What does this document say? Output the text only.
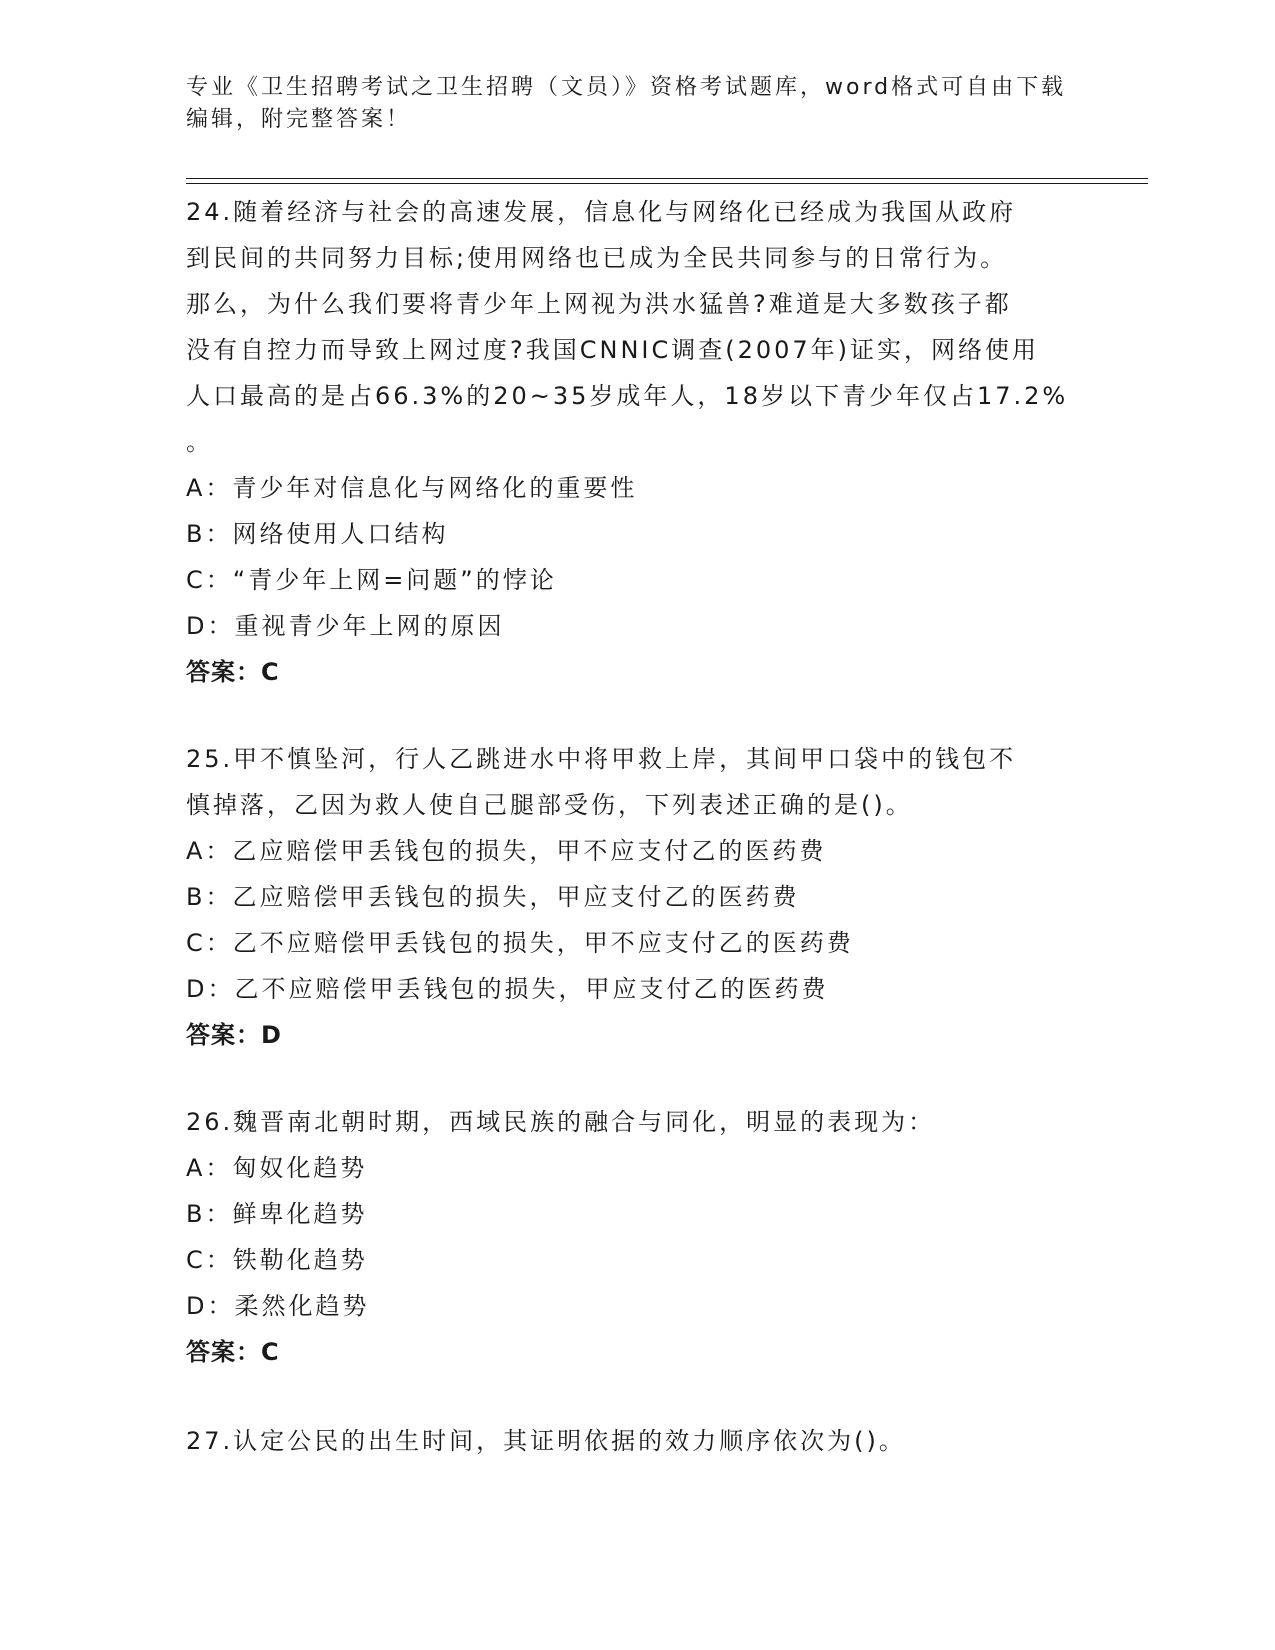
专业《卫生招聘考试之卫生招聘（文员）》资格考试题库，word格式可自由下载
编辑，附完整答案！
24.随着经济与社会的高速发展，信息化与网络化已经成为我国从政府
到民间的共同努力目标;使用网络也已成为全民共同参与的日常行为。
那么，为什么我们要将青少年上网视为洪水猛兽?难道是大多数孩子都
没有自控力而导致上网过度?我国CNNIC调查(2007年)证实，网络使用
人口最高的是占66.3%的20~35岁成年人，18岁以下青少年仅占17.2%
。
A：青少年对信息化与网络化的重要性
B：网络使用人口结构
C：“青少年上网=问题”的悖论
D：重视青少年上网的原因
答案：C
25.甲不慎坠河，行人乙跳进水中将甲救上岸，其间甲口袋中的钱包不
慎掉落，乙因为救人使自己腿部受伤，下列表述正确的是()。
A：乙应赔偿甲丢钱包的损失，甲不应支付乙的医药费
B：乙应赔偿甲丢钱包的损失，甲应支付乙的医药费
C：乙不应赔偿甲丢钱包的损失，甲不应支付乙的医药费
D：乙不应赔偿甲丢钱包的损失，甲应支付乙的医药费
答案：D
26.魏晋南北朝时期，西域民族的融合与同化，明显的表现为：
A：匈奴化趋势
B：鲜卑化趋势
C：铁勒化趋势
D：柔然化趋势
答案：C
27.认定公民的出生时间，其证明依据的效力顺序依次为()。
